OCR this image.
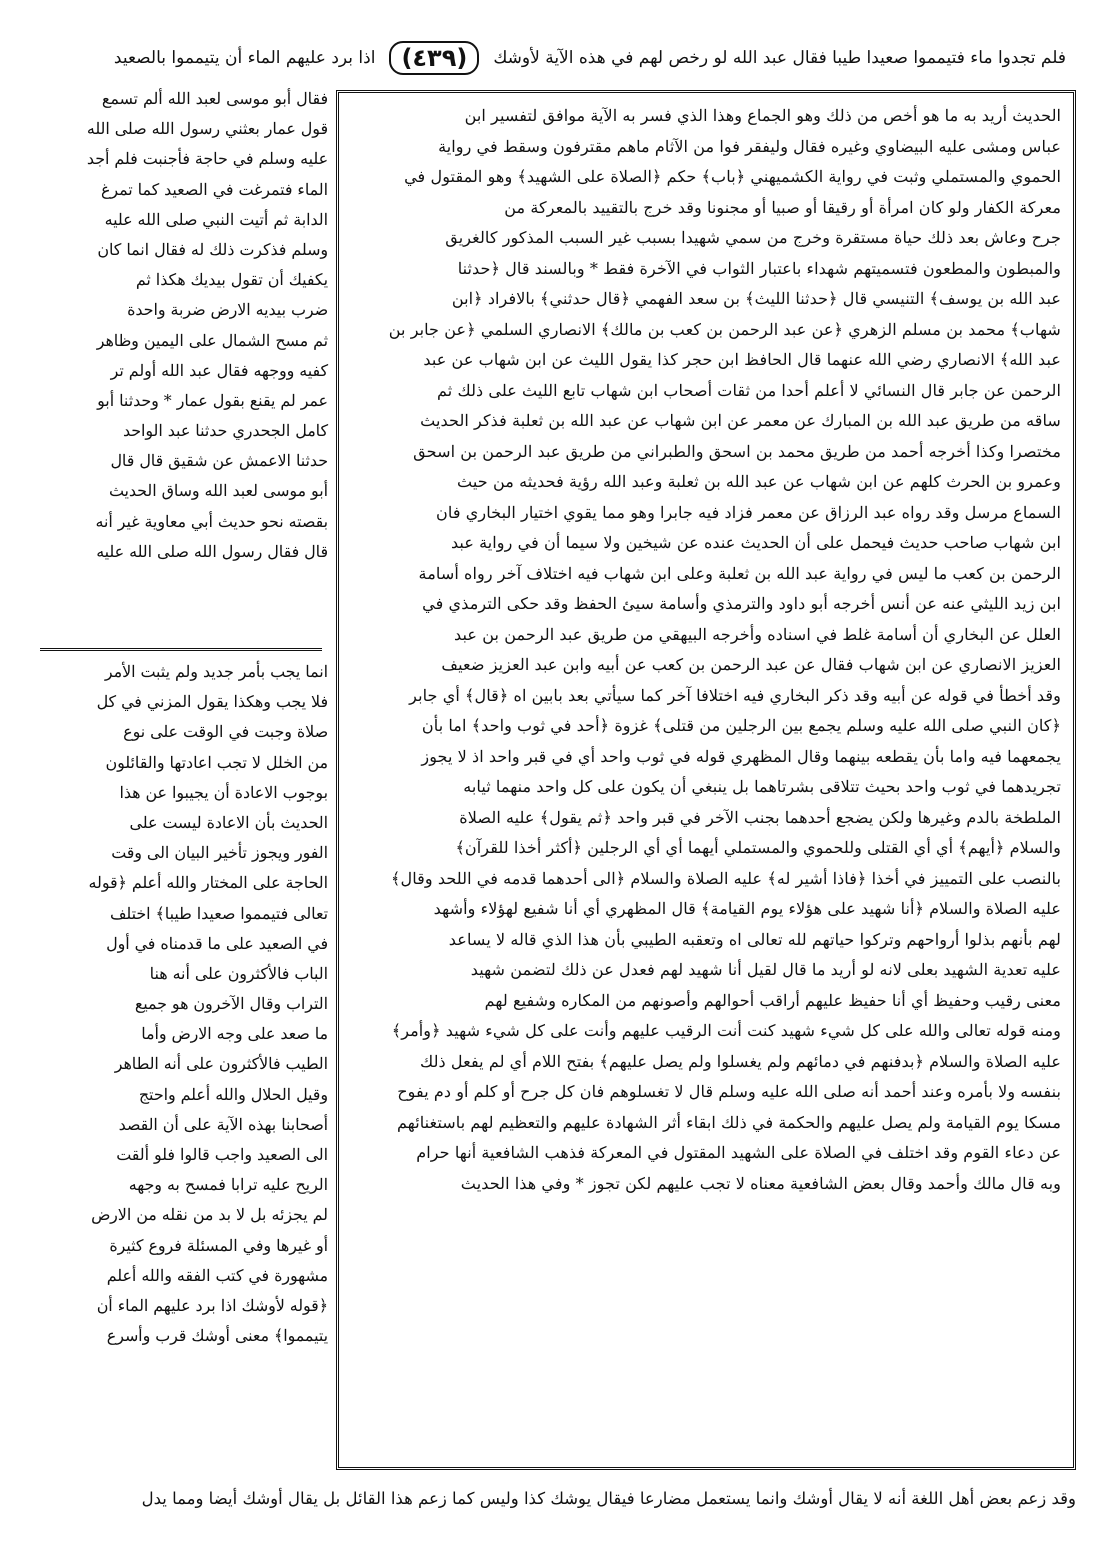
فلم تجدوا ماء فتيمموا صعيدا طيبا فقال عبد الله لو رخص لهم في هذه الآية لأوشك
(٤٣٩)
اذا برد عليهم الماء أن يتيمموا بالصعيد
الحديث أريد به ما هو أخص من ذلك وهو الجماع وهذا الذي فسر به الآية موافق لتفسير ابن
عباس ومشى عليه البيضاوي وغيره فقال وليفقر فوا من الآثام ماهم مقترفون وسقط في رواية
الحموي والمستملي وثبت في رواية الكشميهني ﴿باب﴾ حكم ﴿الصلاة على الشهيد﴾ وهو المقتول في
معركة الكفار ولو كان امرأة أو رقيقا أو صبيا أو مجنونا وقد خرج بالتقييد بالمعركة من
جرح وعاش بعد ذلك حياة مستقرة وخرج من سمي شهيدا بسبب غير السبب المذكور كالغريق
والمبطون والمطعون فتسميتهم شهداء باعتبار الثواب في الآخرة فقط * وبالسند قال ﴿حدثنا
عبد الله بن يوسف﴾ التنيسي قال ﴿حدثنا الليث﴾ بن سعد الفهمي ﴿قال حدثني﴾ بالافراد ﴿ابن
شهاب﴾ محمد بن مسلم الزهري ﴿عن عبد الرحمن بن كعب بن مالك﴾ الانصاري السلمي ﴿عن جابر بن
عبد الله﴾ الانصاري رضي الله عنهما قال الحافظ ابن حجر كذا يقول الليث عن ابن شهاب عن عبد
الرحمن عن جابر قال النسائي لا أعلم أحدا من ثقات أصحاب ابن شهاب تابع الليث على ذلك ثم
ساقه من طريق عبد الله بن المبارك عن معمر عن ابن شهاب عن عبد الله بن ثعلبة فذكر الحديث
مختصرا وكذا أخرجه أحمد من طريق محمد بن اسحق والطبراني من طريق عبد الرحمن بن اسحق
وعمرو بن الحرث كلهم عن ابن شهاب عن عبد الله بن ثعلبة وعبد الله رؤية فحديثه من حيث
السماع مرسل وقد رواه عبد الرزاق عن معمر فزاد فيه جابرا وهو مما يقوي اختيار البخاري فان
ابن شهاب صاحب حديث فيحمل على أن الحديث عنده عن شيخين ولا سيما أن في رواية عبد
الرحمن بن كعب ما ليس في رواية عبد الله بن ثعلبة وعلى ابن شهاب فيه اختلاف آخر رواه أسامة
ابن زيد الليثي عنه عن أنس أخرجه أبو داود والترمذي وأسامة سيئ الحفظ وقد حكى الترمذي في
العلل عن البخاري أن أسامة غلط في اسناده وأخرجه البيهقي من طريق عبد الرحمن بن عبد
العزيز الانصاري عن ابن شهاب فقال عن عبد الرحمن بن كعب عن أبيه وابن عبد العزيز ضعيف
وقد أخطأ في قوله عن أبيه وقد ذكر البخاري فيه اختلافا آخر كما سيأتي بعد بابين اه ﴿قال﴾ أي جابر
﴿كان النبي صلى الله عليه وسلم يجمع بين الرجلين من قتلى﴾ غزوة ﴿أحد في ثوب واحد﴾ اما بأن
يجمعهما فيه واما بأن يقطعه بينهما وقال المظهري قوله في ثوب واحد أي في قبر واحد اذ لا يجوز
تجريدهما في ثوب واحد بحيث تتلاقى بشرتاهما بل ينبغي أن يكون على كل واحد منهما ثيابه
الملطخة بالدم وغيرها ولكن يضجع أحدهما بجنب الآخر في قبر واحد ﴿ثم يقول﴾ عليه الصلاة
والسلام ﴿أيهم﴾ أي أي القتلى وللحموي والمستملي أيهما أي أي الرجلين ﴿أكثر أخذا للقرآن﴾
بالنصب على التمييز في أخذا ﴿فاذا أشير له﴾ عليه الصلاة والسلام ﴿الى أحدهما قدمه في اللحد وقال﴾
عليه الصلاة والسلام ﴿أنا شهيد على هؤلاء يوم القيامة﴾ قال المظهري أي أنا شفيع لهؤلاء وأشهد
لهم بأنهم بذلوا أرواحهم وتركوا حياتهم لله تعالى اه وتعقبه الطيبي بأن هذا الذي قاله لا يساعد
عليه تعدية الشهيد بعلى لانه لو أريد ما قال لقيل أنا شهيد لهم فعدل عن ذلك لتضمن شهيد
معنى رقيب وحفيظ أي أنا حفيظ عليهم أراقب أحوالهم وأصونهم من المكاره وشفيع لهم
ومنه قوله تعالى والله على كل شيء شهيد كنت أنت الرقيب عليهم وأنت على كل شيء شهيد ﴿وأمر﴾
عليه الصلاة والسلام ﴿بدفنهم في دمائهم ولم يغسلوا ولم يصل عليهم﴾ بفتح اللام أي لم يفعل ذلك
بنفسه ولا بأمره وعند أحمد أنه صلى الله عليه وسلم قال لا تغسلوهم فان كل جرح أو كلم أو دم يفوح
مسكا يوم القيامة ولم يصل عليهم والحكمة في ذلك ابقاء أثر الشهادة عليهم والتعظيم لهم باستغنائهم
عن دعاء القوم وقد اختلف في الصلاة على الشهيد المقتول في المعركة فذهب الشافعية أنها حرام
وبه قال مالك وأحمد وقال بعض الشافعية معناه لا تجب عليهم لكن تجوز * وفي هذا الحديث
فقال أبو موسى لعبد الله ألم تسمع
قول عمار بعثني رسول الله صلى الله
عليه وسلم في حاجة فأجنبت فلم أجد
الماء فتمرغت في الصعيد كما تمرغ
الدابة ثم أتيت النبي صلى الله عليه
وسلم فذكرت ذلك له فقال انما كان
يكفيك أن تقول بيديك هكذا ثم
ضرب بيديه الارض ضربة واحدة
ثم مسح الشمال على اليمين وظاهر
كفيه ووجهه فقال عبد الله أولم تر
عمر لم يقنع بقول عمار * وحدثنا أبو
كامل الجحدري حدثنا عبد الواحد
حدثنا الاعمش عن شقيق قال قال
أبو موسى لعبد الله وساق الحديث
بقصته نحو حديث أبي معاوية غير أنه
قال فقال رسول الله صلى الله عليه
انما يجب بأمر جديد ولم يثبت الأمر
فلا يجب وهكذا يقول المزني في كل
صلاة وجبت في الوقت على نوع
من الخلل لا تجب اعادتها والقائلون
بوجوب الاعادة أن يجيبوا عن هذا
الحديث بأن الاعادة ليست على
الفور ويجوز تأخير البيان الى وقت
الحاجة على المختار والله أعلم ﴿قوله
تعالى فتيمموا صعيدا طيبا﴾ اختلف
في الصعيد على ما قدمناه في أول
الباب فالأكثرون على أنه هنا
التراب وقال الآخرون هو جميع
ما صعد على وجه الارض وأما
الطيب فالأكثرون على أنه الطاهر
وقيل الحلال والله أعلم واحتج
أصحابنا بهذه الآية على أن القصد
الى الصعيد واجب قالوا فلو ألقت
الريح عليه ترابا فمسح به وجهه
لم يجزئه بل لا بد من نقله من الارض
أو غيرها وفي المسئلة فروع كثيرة
مشهورة في كتب الفقه والله أعلم
﴿قوله لأوشك اذا برد عليهم الماء أن
يتيمموا﴾ معنى أوشك قرب وأسرع
وقد زعم بعض أهل اللغة أنه لا يقال أوشك وانما يستعمل مضارعا فيقال يوشك كذا وليس كما زعم هذا القائل بل يقال أوشك أيضا ومما يدل
